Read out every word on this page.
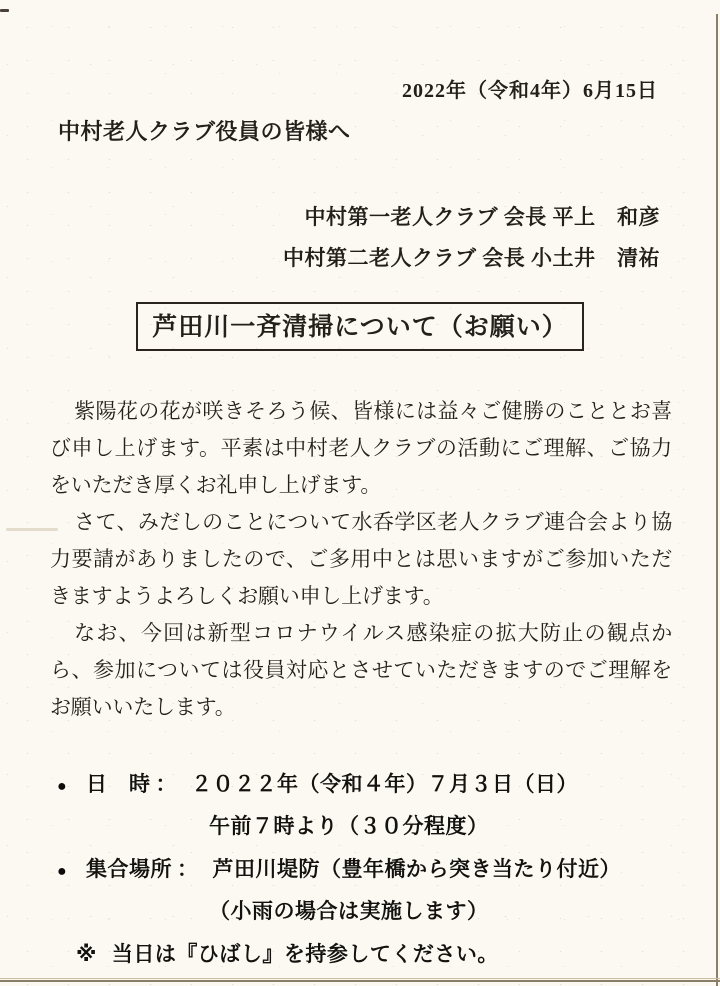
2022年（令和4年）6月15日
中村老人クラブ役員の皆様へ
中村第一老人クラブ 会長 平上　和彦
中村第二老人クラブ 会長 小土井　清祐
芦田川一斉清掃について（お願い）

紫陽花の花が咲きそろう候、皆様には益々ご健勝のこととお喜び申し上げます。平素は中村老人クラブの活動にご理解、ご協力をいただき厚くお礼申し上げます。

さて、みだしのことについて水呑学区老人クラブ連合会より協力要請がありましたので、ご多用中とは思いますがご参加いただきますようよろしくお願い申し上げます。

なお、今回は新型コロナウイルス感染症の拡大防止の観点から、参加については役員対応とさせていただきますのでご理解をお願いいたします。

● 日　時 ： ２０２２年（令和４年）７月３日（日）
午前７時より（３０分程度）
● 集合場所 ： 芦田川堤防（豊年橋から突き当たり付近）
（小雨の場合は実施します）
※ 当日は『ひばし』を持参してください。
